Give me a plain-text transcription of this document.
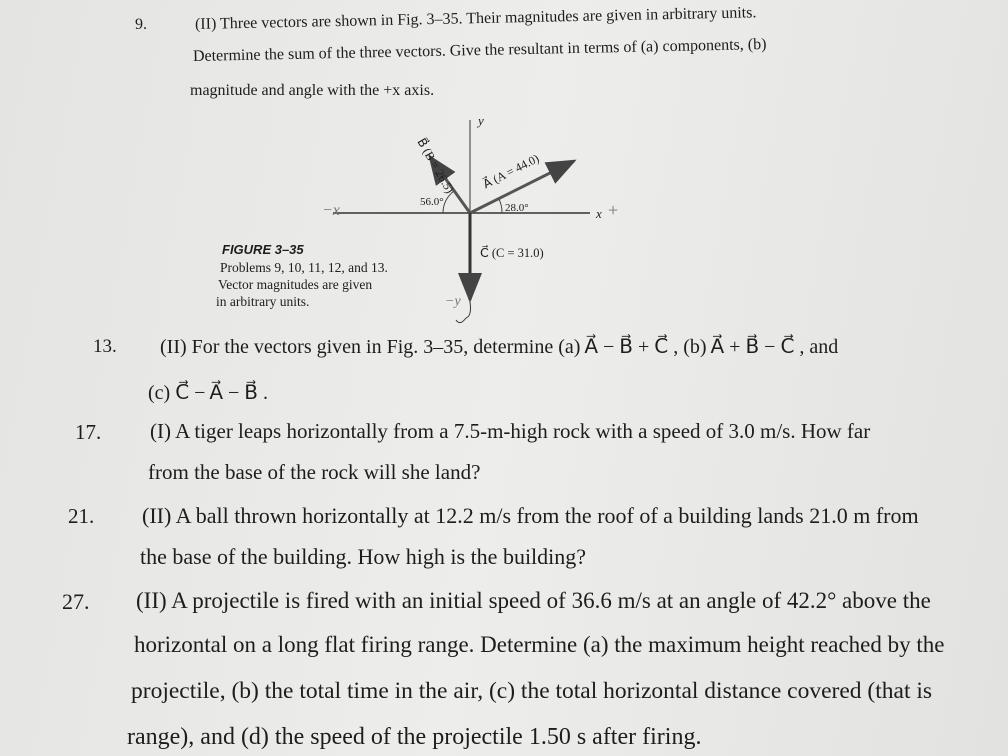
9.	(II) Three vectors are shown in Fig. 3–35. Their magnitudes are given in arbitrary units.
Determine the sum of the three vectors. Give the resultant in terms of (a) components, (b)
magnitude and angle with the +x axis.
y
x +
−x
−y
A⃗ (A = 44.0)
B⃗ (B = 26.5)
C⃗ (C = 31.0)
28.0°
56.0°
FIGURE 3–35
Problems 9, 10, 11, 12, and 13.
Vector magnitudes are given
in arbitrary units.
13. (II) For the vectors given in Fig. 3–35, determine (a) A⃗ − B⃗ + C⃗ , (b) A⃗ + B⃗ − C⃗ , and
(c) C⃗ − A⃗ − B⃗ .
17. (I) A tiger leaps horizontally from a 7.5-m-high rock with a speed of 3.0 m/s. How far
from the base of the rock will she land?
21. (II) A ball thrown horizontally at 12.2 m/s from the roof of a building lands 21.0 m from
the base of the building. How high is the building?
27. (II) A projectile is fired with an initial speed of 36.6 m/s at an angle of 42.2° above the
horizontal on a long flat firing range. Determine (a) the maximum height reached by the
projectile, (b) the total time in the air, (c) the total horizontal distance covered (that is
range), and (d) the speed of the projectile 1.50 s after firing.
